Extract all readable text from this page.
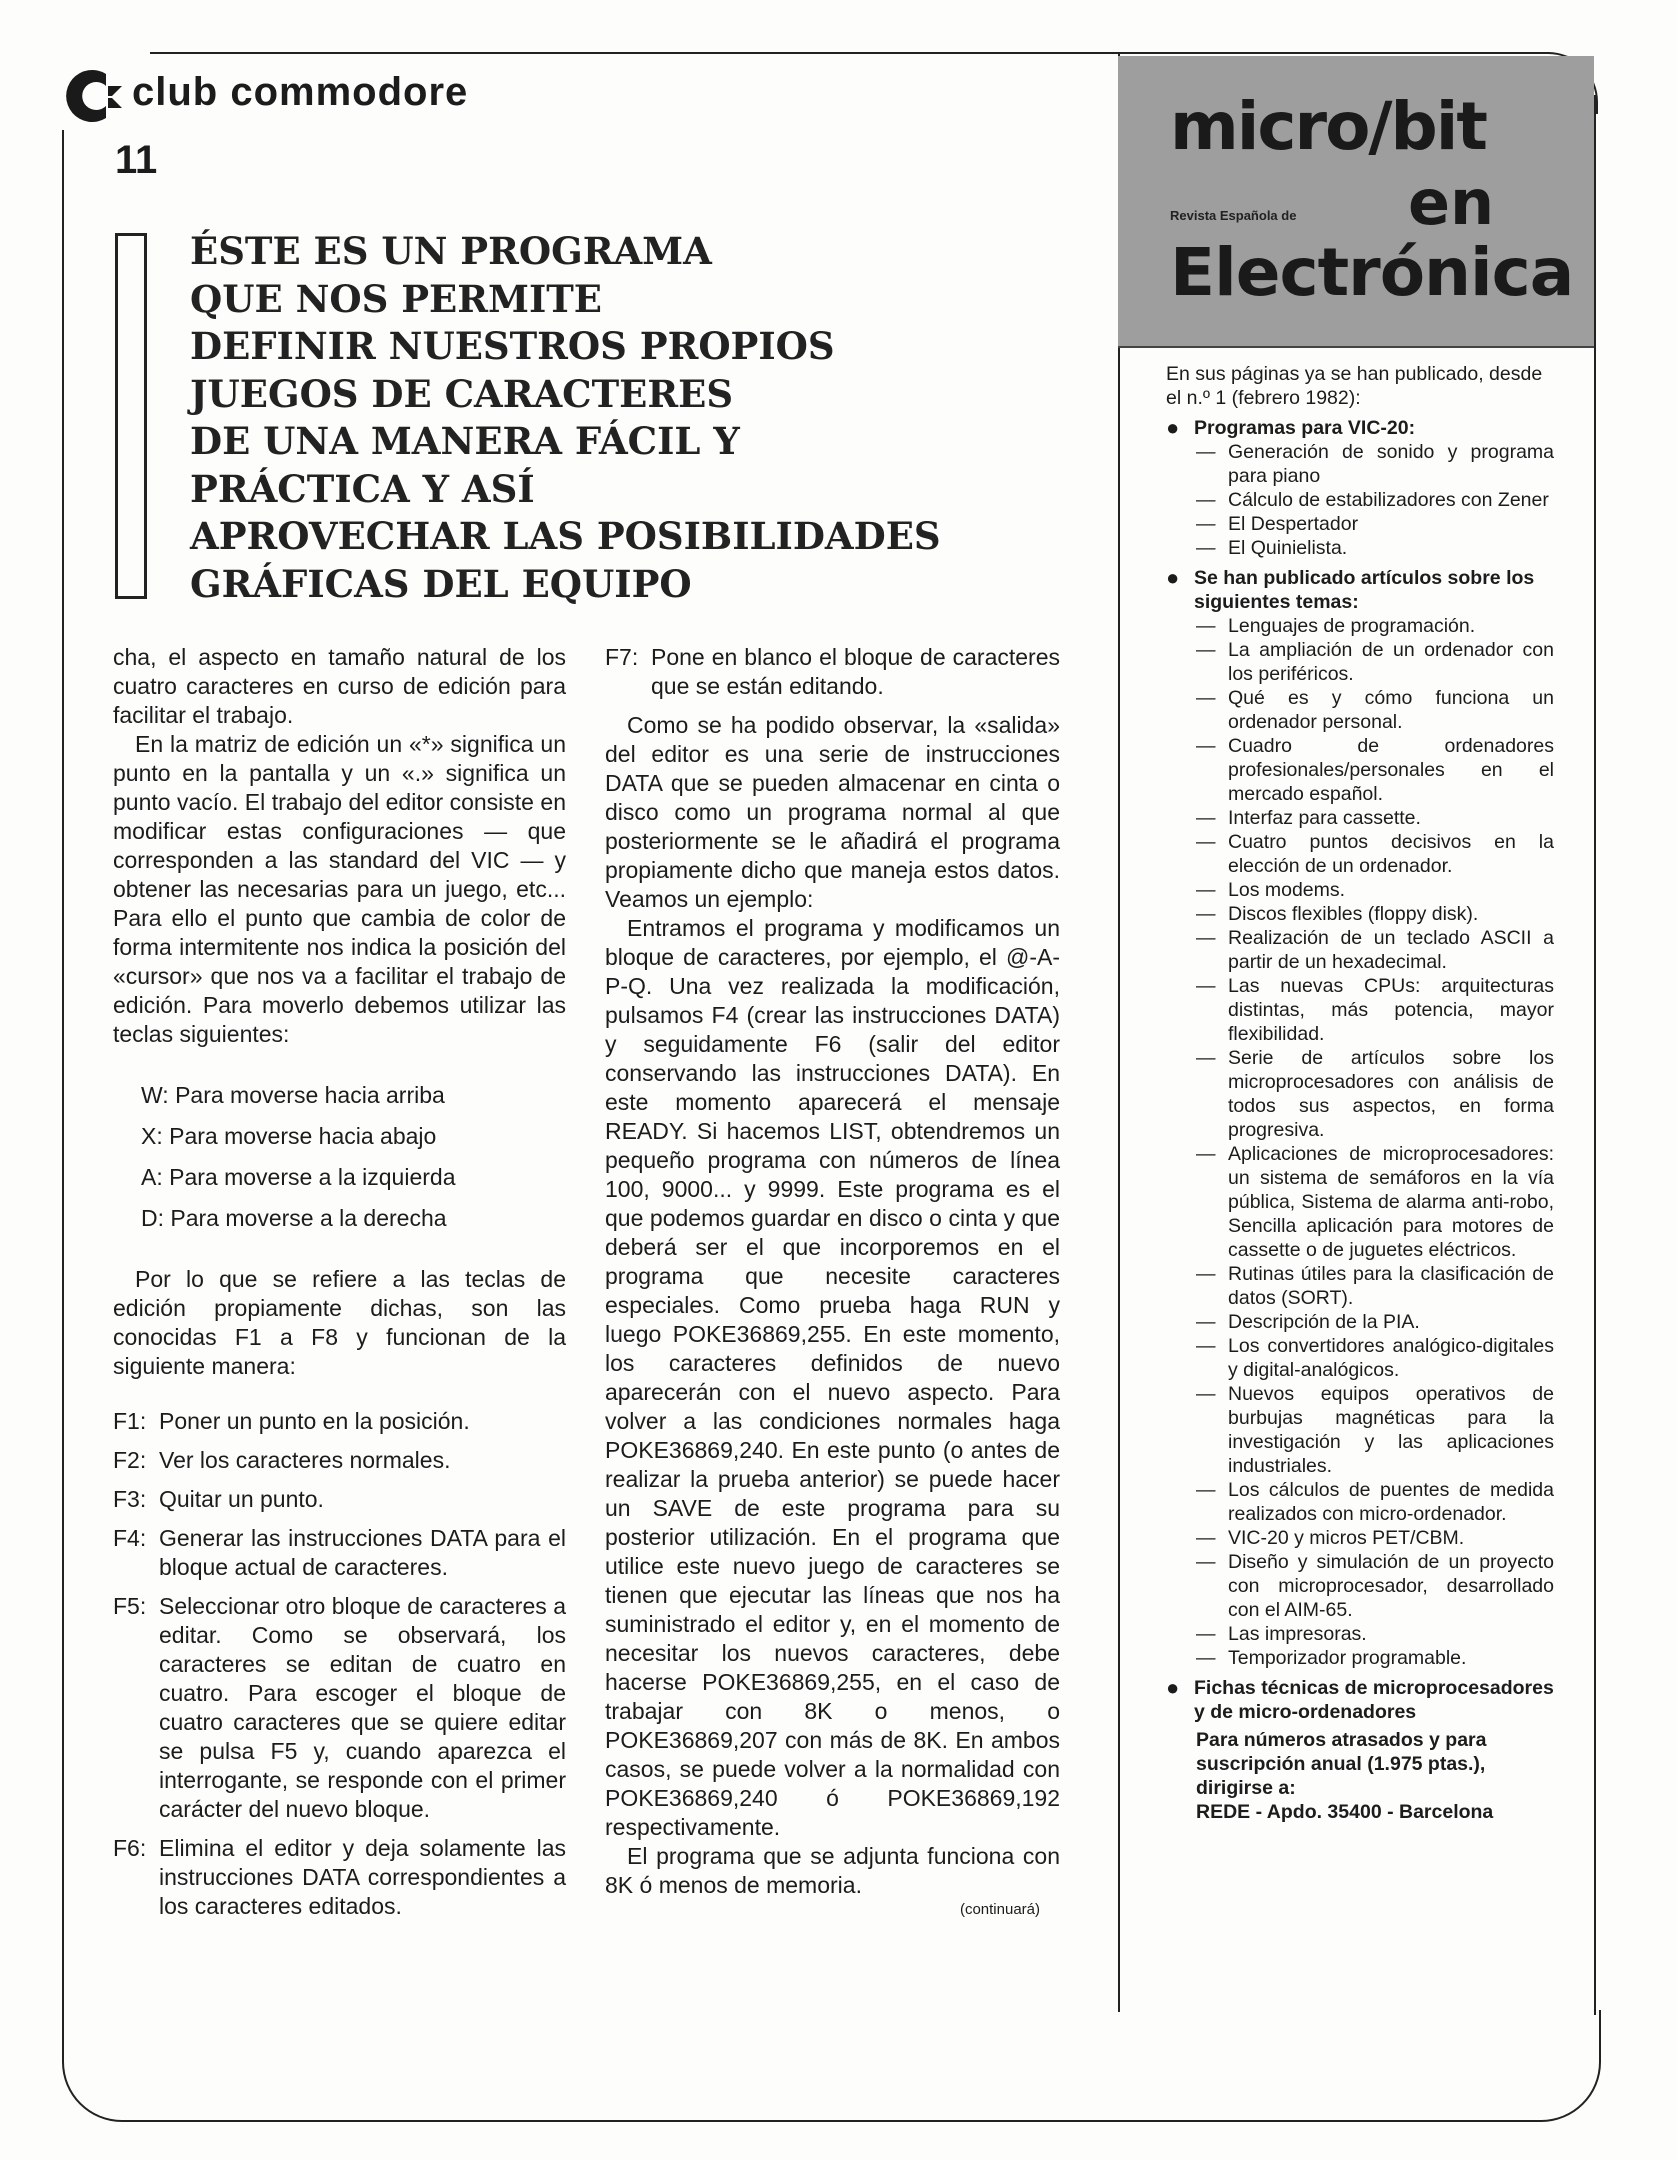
club commodore
11
ÉSTE ES UN PROGRAMA
QUE NOS PERMITE
DEFINIR NUESTROS PROPIOS
JUEGOS DE CARACTERES
DE UNA MANERA FÁCIL Y
PRÁCTICA Y ASÍ
APROVECHAR LAS POSIBILIDADES
GRÁFICAS DEL EQUIPO

cha, el aspecto en tamaño natural de los cuatro caracteres en curso de edición para facilitar el trabajo.

En la matriz de edición un «*» significa un punto en la pantalla y un «.» significa un punto vacío. El trabajo del editor consiste en modificar estas configuraciones — que corresponden a las standard del VIC — y obtener las necesarias para un juego, etc... Para ello el punto que cambia de color de forma intermitente nos indica la posición del «cursor» que nos va a facilitar el trabajo de edición. Para moverlo debemos utilizar las teclas siguientes:

W: Para moverse hacia arriba
X: Para moverse hacia abajo
A: Para moverse a la izquierda
D: Para moverse a la derecha

Por lo que se refiere a las teclas de edición propiamente dichas, son las conocidas F1 a F8 y funcionan de la siguiente manera:

F1: Poner un punto en la posición.
F2: Ver los caracteres normales.
F3: Quitar un punto.
F4: Generar las instrucciones DATA para el bloque actual de caracteres.
F5: Seleccionar otro bloque de caracteres a editar. Como se observará, los caracteres se editan de cuatro en cuatro. Para escoger el bloque de cuatro caracteres que se quiere editar se pulsa F5 y, cuando aparezca el interrogante, se responde con el primer carácter del nuevo bloque.
F6: Elimina el editor y deja solamente las instrucciones DATA correspondientes a los caracteres editados.
F7: Pone en blanco el bloque de caracteres que se están editando.

Como se ha podido observar, la «salida» del editor es una serie de instrucciones DATA que se pueden almacenar en cinta o disco como un programa normal al que posteriormente se le añadirá el programa propiamente dicho que maneja estos datos. Veamos un ejemplo:

Entramos el programa y modificamos un bloque de caracteres, por ejemplo, el @-A-P-Q. Una vez realizada la modificación, pulsamos F4 (crear las instrucciones DATA) y seguidamente F6 (salir del editor conservando las instrucciones DATA). En este momento aparecerá el mensaje READY. Si hacemos LIST, obtendremos un pequeño programa con números de línea 100, 9000... y 9999. Este programa es el que podemos guardar en disco o cinta y que deberá ser el que incorporemos en el programa que necesite caracteres especiales. Como prueba haga RUN y luego POKE36869,255. En este momento, los caracteres definidos de nuevo aparecerán con el nuevo aspecto. Para volver a las condiciones normales haga POKE36869,240. En este punto (o antes de realizar la prueba anterior) se puede hacer un SAVE de este programa para su posterior utilización. En el programa que utilice este nuevo juego de caracteres se tienen que ejecutar las líneas que nos ha suministrado el editor y, en el momento de necesitar los nuevos caracteres, debe hacerse POKE36869,255, en el caso de trabajar con 8K o menos, o POKE36869,207 con más de 8K. En ambos casos, se puede volver a la normalidad con POKE36869,240 ó POKE36869,192 respectivamente.

El programa que se adjunta funciona con 8K ó menos de memoria.

(continuará)
micro/bit
en
Revista Española de
Electrónica

En sus páginas ya se han publicado, desde el n.º 1 (febrero 1982):

● Programas para VIC-20:
— Generación de sonido y programa para piano
— Cálculo de estabilizadores con Zener
— El Despertador
— El Quinielista.
● Se han publicado artículos sobre los siguientes temas:
— Lenguajes de programación.
— La ampliación de un ordenador con los periféricos.
— Qué es y cómo funciona un ordenador personal.
— Cuadro de ordenadores profesionales/personales en el mercado español.
— Interfaz para cassette.
— Cuatro puntos decisivos en la elección de un ordenador.
— Los modems.
— Discos flexibles (floppy disk).
— Realización de un teclado ASCII a partir de un hexadecimal.
— Las nuevas CPUs: arquitecturas distintas, más potencia, mayor flexibilidad.
— Serie de artículos sobre los microprocesadores con análisis de todos sus aspectos, en forma progresiva.
— Aplicaciones de microprocesadores: un sistema de semáforos en la vía pública, Sistema de alarma anti-robo, Sencilla aplicación para motores de cassette o de juguetes eléctricos.
— Rutinas útiles para la clasificación de datos (SORT).
— Descripción de la PIA.
— Los convertidores analógico-digitales y digital-analógicos.
— Nuevos equipos operativos de burbujas magnéticas para la investigación y las aplicaciones industriales.
— Los cálculos de puentes de medida realizados con micro-ordenador.
— VIC-20 y micros PET/CBM.
— Diseño y simulación de un proyecto con microprocesador, desarrollado con el AIM-65.
— Las impresoras.
— Temporizador programable.
● Fichas técnicas de microprocesadores y de micro-ordenadores

Para números atrasados y para suscripción anual (1.975 ptas.),

dirigirse a:

REDE - Apdo. 35400 - Barcelona
